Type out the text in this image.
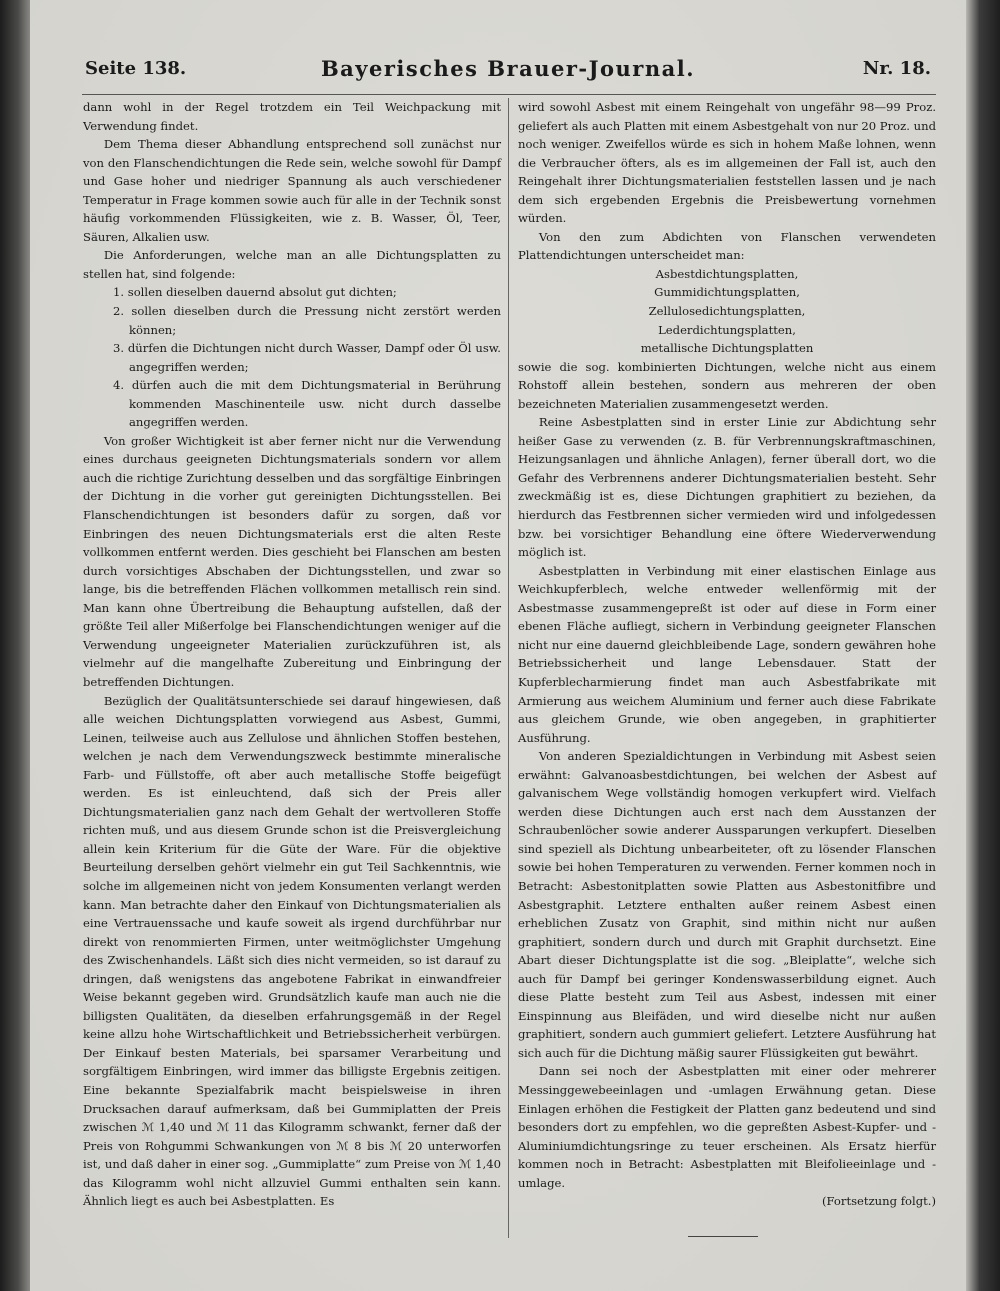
Bayerisches Brauer-Journal.
Seite 138.	Nr. 18.

dann wohl in der Regel trotzdem ein Teil Weichpackung mit Verwendung findet.

Dem Thema dieser Abhandlung entsprechend soll zunächst nur von den Flanschendichtungen die Rede sein, welche sowohl für Dampf und Gase hoher und niedriger Spannung als auch verschiedener Temperatur in Frage kommen sowie auch für alle in der Technik sonst häufig vorkommenden Flüssigkeiten, wie z. B. Wasser, Öl, Teer, Säuren, Alkalien usw.

Die Anforderungen, welche man an alle Dichtungsplatten zu stellen hat, sind folgende:

1. sollen dieselben dauernd absolut gut dichten;

2. sollen dieselben durch die Pressung nicht zerstört werden können;

3. dürfen die Dichtungen nicht durch Wasser, Dampf oder Öl usw. angegriffen werden;

4. dürfen auch die mit dem Dichtungsmaterial in Berührung kommenden Maschinenteile usw. nicht durch dasselbe angegriffen werden.

Von großer Wichtigkeit ist aber ferner nicht nur die Verwendung eines durchaus geeigneten Dichtungsmaterials sondern vor allem auch die richtige Zurichtung desselben und das sorgfältige Einbringen der Dichtung in die vorher gut gereinigten Dichtungsstellen. Bei Flanschendichtungen ist besonders dafür zu sorgen, daß vor Einbringen des neuen Dichtungsmaterials erst die alten Reste vollkommen entfernt werden. Dies geschieht bei Flanschen am besten durch vorsichtiges Abschaben der Dichtungsstellen, und zwar so lange, bis die betreffenden Flächen vollkommen metallisch rein sind. Man kann ohne Übertreibung die Behauptung aufstellen, daß der größte Teil aller Mißerfolge bei Flanschendichtungen weniger auf die Verwendung ungeeigneter Materialien zurückzuführen ist, als vielmehr auf die mangelhafte Zubereitung und Einbringung der betreffenden Dichtungen.

Bezüglich der Qualitätsunterschiede sei darauf hingewiesen, daß alle weichen Dichtungsplatten vorwiegend aus Asbest, Gummi, Leinen, teilweise auch aus Zellulose und ähnlichen Stoffen bestehen, welchen je nach dem Verwendungszweck bestimmte mineralische Farb- und Füllstoffe, oft aber auch metallische Stoffe beigefügt werden. Es ist einleuchtend, daß sich der Preis aller Dichtungsmaterialien ganz nach dem Gehalt der wertvolleren Stoffe richten muß, und aus diesem Grunde schon ist die Preisvergleichung allein kein Kriterium für die Güte der Ware. Für die objektive Beurteilung derselben gehört vielmehr ein gut Teil Sachkenntnis, wie solche im allgemeinen nicht von jedem Konsumenten verlangt werden kann. Man betrachte daher den Einkauf von Dichtungsmaterialien als eine Vertrauenssache und kaufe soweit als irgend durchführbar nur direkt von renommierten Firmen, unter weitmöglichster Umgehung des Zwischenhandels. Läßt sich dies nicht vermeiden, so ist darauf zu dringen, daß wenigstens das angebotene Fabrikat in einwandfreier Weise bekannt gegeben wird. Grundsätzlich kaufe man auch nie die billigsten Qualitäten, da dieselben erfahrungsgemäß in der Regel keine allzu hohe Wirtschaftlichkeit und Betriebssicherheit verbürgen. Der Einkauf besten Materials, bei sparsamer Verarbeitung und sorgfältigem Einbringen, wird immer das billigste Ergebnis zeitigen. Eine bekannte Spezialfabrik macht beispielsweise in ihren Drucksachen darauf aufmerksam, daß bei Gummiplatten der Preis zwischen ℳ 1,40 und ℳ 11 das Kilogramm schwankt, ferner daß der Preis von Rohgummi Schwankungen von ℳ 8 bis ℳ 20 unterworfen ist, und daß daher in einer sog. „Gummiplatte“ zum Preise von ℳ 1,40 das Kilogramm wohl nicht allzuviel Gummi enthalten sein kann. Ähnlich liegt es auch bei Asbestplatten. Es

wird sowohl Asbest mit einem Reingehalt von ungefähr 98—99 Proz. geliefert als auch Platten mit einem Asbestgehalt von nur 20 Proz. und noch weniger. Zweifellos würde es sich in hohem Maße lohnen, wenn die Verbraucher öfters, als es im allgemeinen der Fall ist, auch den Reingehalt ihrer Dichtungsmaterialien feststellen lassen und je nach dem sich ergebenden Ergebnis die Preisbewertung vornehmen würden.

Von den zum Abdichten von Flanschen verwendeten Plattendichtungen unterscheidet man:

Asbestdichtungsplatten,

Gummidichtungsplatten,

Zellulosedichtungsplatten,

Lederdichtungsplatten,

metallische Dichtungsplatten

sowie die sog. kombinierten Dichtungen, welche nicht aus einem Rohstoff allein bestehen, sondern aus mehreren der oben bezeichneten Materialien zusammengesetzt werden.

Reine Asbestplatten sind in erster Linie zur Abdichtung sehr heißer Gase zu verwenden (z. B. für Verbrennungskraftmaschinen, Heizungsanlagen und ähnliche Anlagen), ferner überall dort, wo die Gefahr des Verbrennens anderer Dichtungsmaterialien besteht. Sehr zweckmäßig ist es, diese Dichtungen graphitiert zu beziehen, da hierdurch das Festbrennen sicher vermieden wird und infolgedessen bzw. bei vorsichtiger Behandlung eine öftere Wiederverwendung möglich ist.

Asbestplatten in Verbindung mit einer elastischen Einlage aus Weichkupferblech, welche entweder wellenförmig mit der Asbestmasse zusammengepreßt ist oder auf diese in Form einer ebenen Fläche aufliegt, sichern in Verbindung geeigneter Flanschen nicht nur eine dauernd gleichbleibende Lage, sondern gewähren hohe Betriebssicherheit und lange Lebensdauer. Statt der Kupferblecharmierung findet man auch Asbestfabrikate mit Armierung aus weichem Aluminium und ferner auch diese Fabrikate aus gleichem Grunde, wie oben angegeben, in graphitierter Ausführung.

Von anderen Spezialdichtungen in Verbindung mit Asbest seien erwähnt: Galvanoasbestdichtungen, bei welchen der Asbest auf galvanischem Wege vollständig homogen verkupfert wird. Vielfach werden diese Dichtungen auch erst nach dem Ausstanzen der Schraubenlöcher sowie anderer Aussparungen verkupfert. Dieselben sind speziell als Dichtung unbearbeiteter, oft zu lösender Flanschen sowie bei hohen Temperaturen zu verwenden. Ferner kommen noch in Betracht: Asbestonitplatten sowie Platten aus Asbestonitfibre und Asbestgraphit. Letztere enthalten außer reinem Asbest einen erheblichen Zusatz von Graphit, sind mithin nicht nur außen graphitiert, sondern durch und durch mit Graphit durchsetzt. Eine Abart dieser Dichtungsplatte ist die sog. „Bleiplatte“, welche sich auch für Dampf bei geringer Kondenswasserbildung eignet. Auch diese Platte besteht zum Teil aus Asbest, indessen mit einer Einspinnung aus Bleifäden, und wird dieselbe nicht nur außen graphitiert, sondern auch gummiert geliefert. Letztere Ausführung hat sich auch für die Dichtung mäßig saurer Flüssigkeiten gut bewährt.

Dann sei noch der Asbestplatten mit einer oder mehrerer Messinggewebeeinlagen und -umlagen Erwähnung getan. Diese Einlagen erhöhen die Festigkeit der Platten ganz bedeutend und sind besonders dort zu empfehlen, wo die gepreßten Asbest-Kupfer- und -Aluminiumdichtungsringe zu teuer erscheinen. Als Ersatz hierfür kommen noch in Betracht: Asbestplatten mit Bleifolieeinlage und -umlage.

(Fortsetzung folgt.)
